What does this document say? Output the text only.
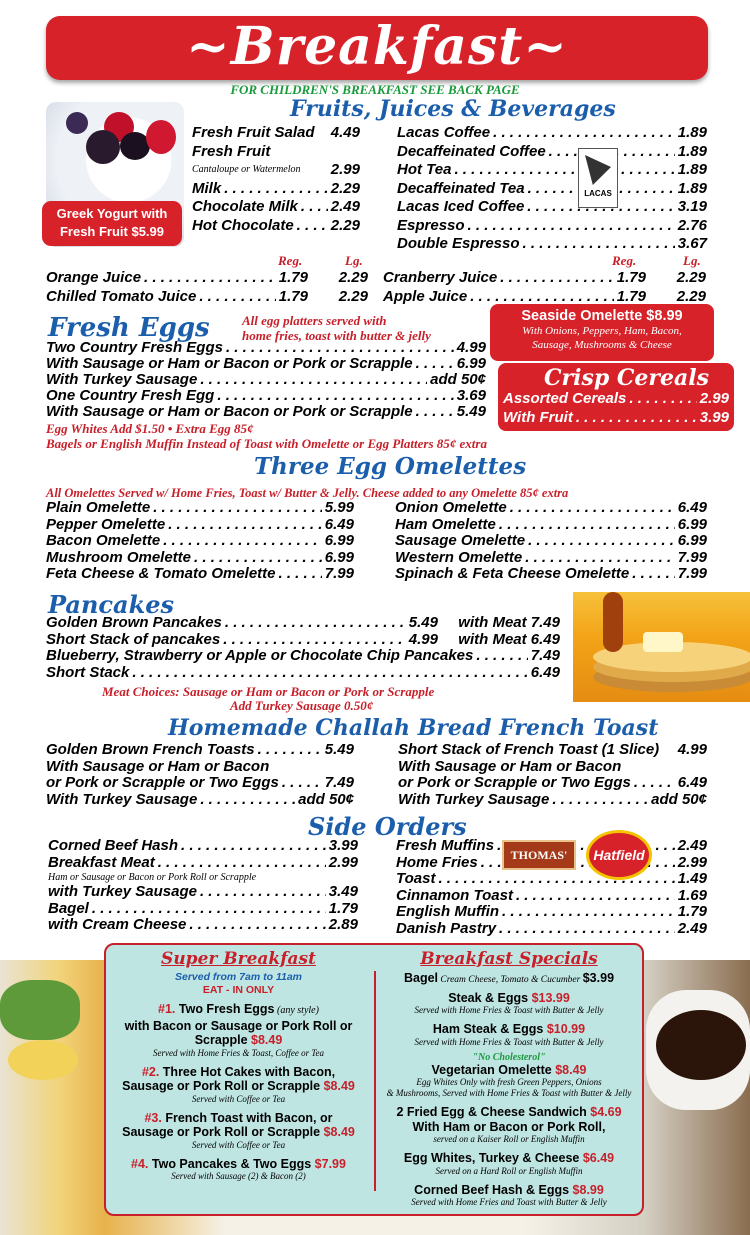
~Breakfast~
FOR CHILDREN'S BREAKFAST SEE BACK PAGE
Fruits, Juices & Beverages
Greek Yogurt with
Fresh Fruit $5.99
Fresh Fruit Salad 4.49
Fresh Fruit
Cantaloupe or Watermelon 2.99
Milk . . .	2.29
Chocolate Milk . . . 2.49
Hot Chocolate . . . 2.29
Lacas Coffee . . .	1.89
Decaffeinated Coffee . . .	1.89
Hot Tea . . .	1.89
Decaffeinated Tea . . .	1.89
Lacas Iced Coffee . . .	3.19
Espresso . . .	2.76
Double Espresso . . .	3.67
LACAS
Reg.	Lg.	Reg.	Lg.
Orange Juice . . .	1.79	2.29
Chilled Tomato Juice . . .	1.79	2.29
Cranberry Juice . . .	1.79	2.29
Apple Juice . . .	1.79	2.29
Fresh Eggs All egg platters served with
home fries, toast with butter & jelly
Two Country Fresh Eggs . . .	4.99
With Sausage or Ham or Bacon or Pork or Scrapple . . .	6.99
With Turkey Sausage . . .	add 50¢
One Country Fresh Egg . . .	3.69
With Sausage or Ham or Bacon or Pork or Scrapple . . .	5.49
Egg Whites Add $1.50 • Extra Egg 85¢
Bagels or English Muffin Instead of Toast with Omelette or Egg Platters 85¢ extra
Seaside Omelette $8.99
With Onions, Peppers, Ham, Bacon,
Sausage, Mushrooms & Cheese
Crisp Cereals
Assorted Cereals . . .	2.99
With Fruit . . .	3.99
Three Egg Omelettes
All Omelettes Served w/ Home Fries, Toast w/ Butter & Jelly. Cheese added to any Omelette 85¢ extra
Plain Omelette . . .	5.99
Pepper Omelette . . .	6.49
Bacon Omelette . . .	6.99
Mushroom Omelette . . .	6.99
Feta Cheese & Tomato Omelette . . .	7.99
Onion Omelette . . .	6.49
Ham Omelette . . .	6.99
Sausage Omelette . . .	6.99
Western Omelette . . .	7.99
Spinach & Feta Cheese Omelette . . .	7.99
Pancakes
Golden Brown Pancakes . . .	5.49	with Meat 7.49
Short Stack of pancakes . . .	4.99	with Meat 6.49
Blueberry, Strawberry or Apple or Chocolate Chip Pancakes . . .	7.49
Short Stack . . .	6.49
Meat Choices: Sausage or Ham or Bacon or Pork or Scrapple
Add Turkey Sausage 0.50¢
Homemade Challah Bread French Toast
Golden Brown French Toasts . . .	5.49
With Sausage or Ham or Bacon
or Pork or Scrapple or Two Eggs . . .	7.49
With Turkey Sausage . . .	add 50¢
Short Stack of French Toast (1 Slice) 4.99
With Sausage or Ham or Bacon
or Pork or Scrapple or Two Eggs . . .	6.49
With Turkey Sausage . . .	add 50¢
Side Orders
Corned Beef Hash . . .	3.99
Breakfast Meat . . .	2.99
Ham or Sausage or Bacon or Pork Roll or Scrapple
with Turkey Sausage . . .	3.49
Bagel . . .	1.79
with Cream Cheese . . .	2.89
Fresh Muffins . . .	2.49
Home Fries . . .	2.99
Toast . . .	1.49
Cinnamon Toast . . .	1.69
English Muffin . . .	1.79
Danish Pastry . . .	2.49
THOMAS'	Hatfield
Super Breakfast
Served from 7am to 11am
EAT - IN ONLY
#1. Two Fresh Eggs (any style)
with Bacon or Sausage or Pork Roll or
Scrapple $8.49
Served with Home Fries & Toast, Coffee or Tea
#2. Three Hot Cakes with Bacon,
Sausage or Pork Roll or Scrapple $8.49
Served with Coffee or Tea
#3. French Toast with Bacon, or
Sausage or Pork Roll or Scrapple $8.49
Served with Coffee or Tea
#4. Two Pancakes & Two Eggs $7.99
Served with Sausage (2) & Bacon (2)
Breakfast Specials
Bagel Cream Cheese, Tomato & Cucumber $3.99
Steak & Eggs $13.99
Served with Home Fries & Toast with Butter & Jelly
Ham Steak & Eggs $10.99
Served with Home Fries & Toast with Butter & Jelly
"No Cholesterol"
Vegetarian Omelette $8.49
Egg Whites Only with fresh Green Peppers, Onions
& Mushrooms, Served with Home Fries & Toast with Butter & Jelly
2 Fried Egg & Cheese Sandwich $4.69
With Ham or Bacon or Pork Roll,
served on a Kaiser Roll or English Muffin
Egg Whites, Turkey & Cheese $6.49
Served on a Hard Roll or English Muffin
Corned Beef Hash & Eggs $8.99
Served with Home Fries and Toast with Butter & Jelly
